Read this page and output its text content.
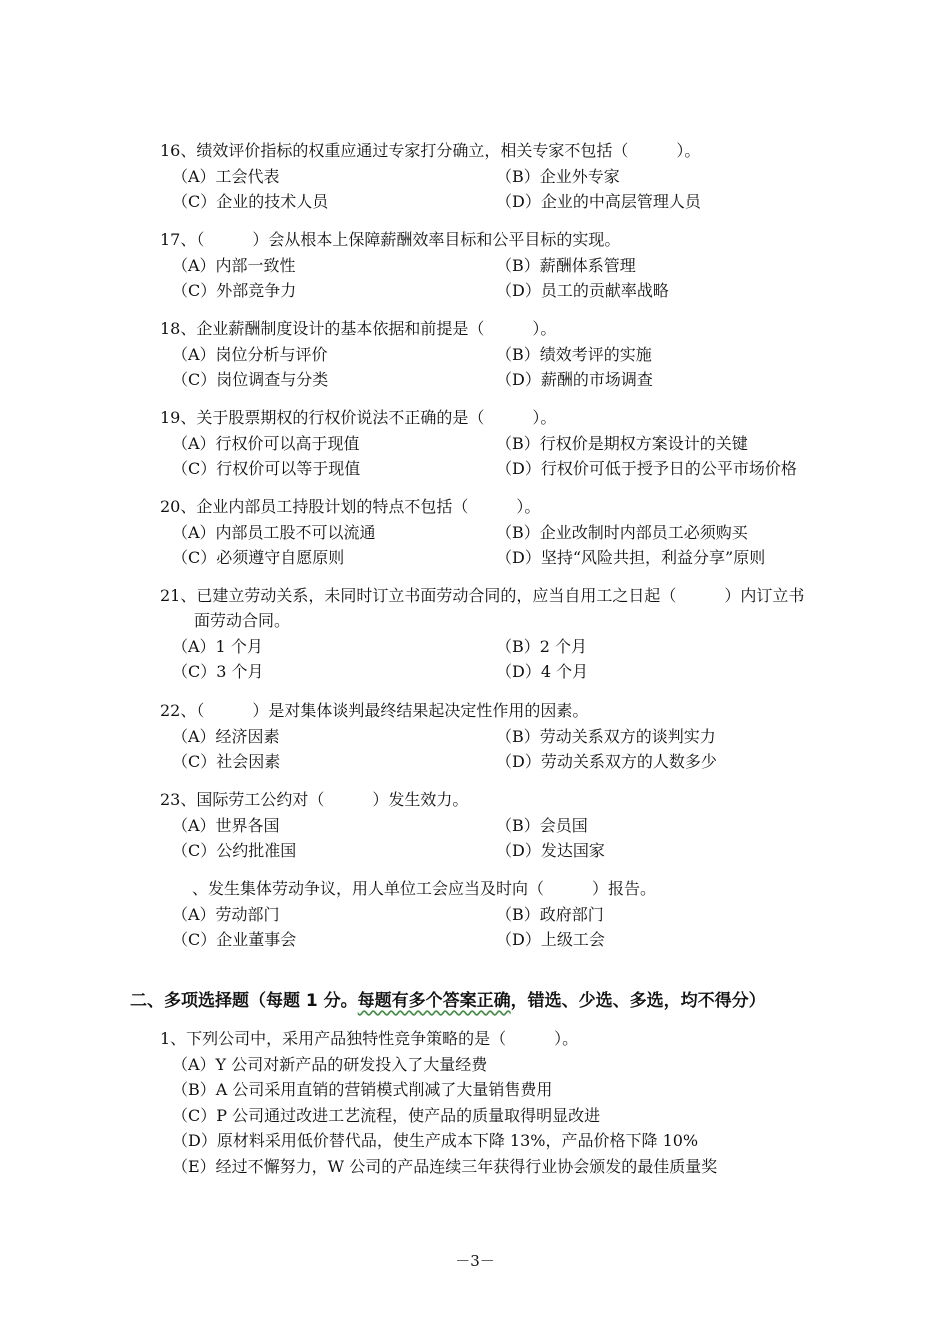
16、绩效评价指标的权重应通过专家打分确立，相关专家不包括（　　　）。
（A）工会代表	（B）企业外专家
（C）企业的技术人员	（D）企业的中高层管理人员
17、（　　　）会从根本上保障薪酬效率目标和公平目标的实现。
（A）内部一致性	（B）薪酬体系管理
（C）外部竞争力	（D）员工的贡献率战略
18、企业薪酬制度设计的基本依据和前提是（　　　）。
（A）岗位分析与评价	（B）绩效考评的实施
（C）岗位调查与分类	（D）薪酬的市场调查
19、关于股票期权的行权价说法不正确的是（　　　）。
（A）行权价可以高于现值	（B）行权价是期权方案设计的关键
（C）行权价可以等于现值	（D）行权价可低于授予日的公平市场价格
20、企业内部员工持股计划的特点不包括（　　　）。
（A）内部员工股不可以流通	（B）企业改制时内部员工必须购买
（C）必须遵守自愿原则	（D）坚持“风险共担，利益分享”原则
21、已建立劳动关系，未同时订立书面劳动合同的，应当自用工之日起（　　　）内订立书
面劳动合同。
（A）1 个月	（B）2 个月
（C）3 个月	（D）4 个月
22、（　　　）是对集体谈判最终结果起决定性作用的因素。
（A）经济因素	（B）劳动关系双方的谈判实力
（C）社会因素	（D）劳动关系双方的人数多少
23、国际劳工公约对（　　　）发生效力。
（A）世界各国	（B）会员国
（C）公约批准国	（D）发达国家
　　、发生集体劳动争议，用人单位工会应当及时向（　　　）报告。
（A）劳动部门	（B）政府部门
（C）企业董事会	（D）上级工会
二、多项选择题（每题 1 分。每题有多个答案正确，错选、少选、多选，均不得分）
1、下列公司中，采用产品独特性竞争策略的是（　　　）。
（A）Y 公司对新产品的研发投入了大量经费
（B）A 公司采用直销的营销模式削减了大量销售费用
（C）P 公司通过改进工艺流程，使产品的质量取得明显改进
（D）原材料采用低价替代品，使生产成本下降 13%，产品价格下降 10%
（E）经过不懈努力，W 公司的产品连续三年获得行业协会颁发的最佳质量奖
－3－
